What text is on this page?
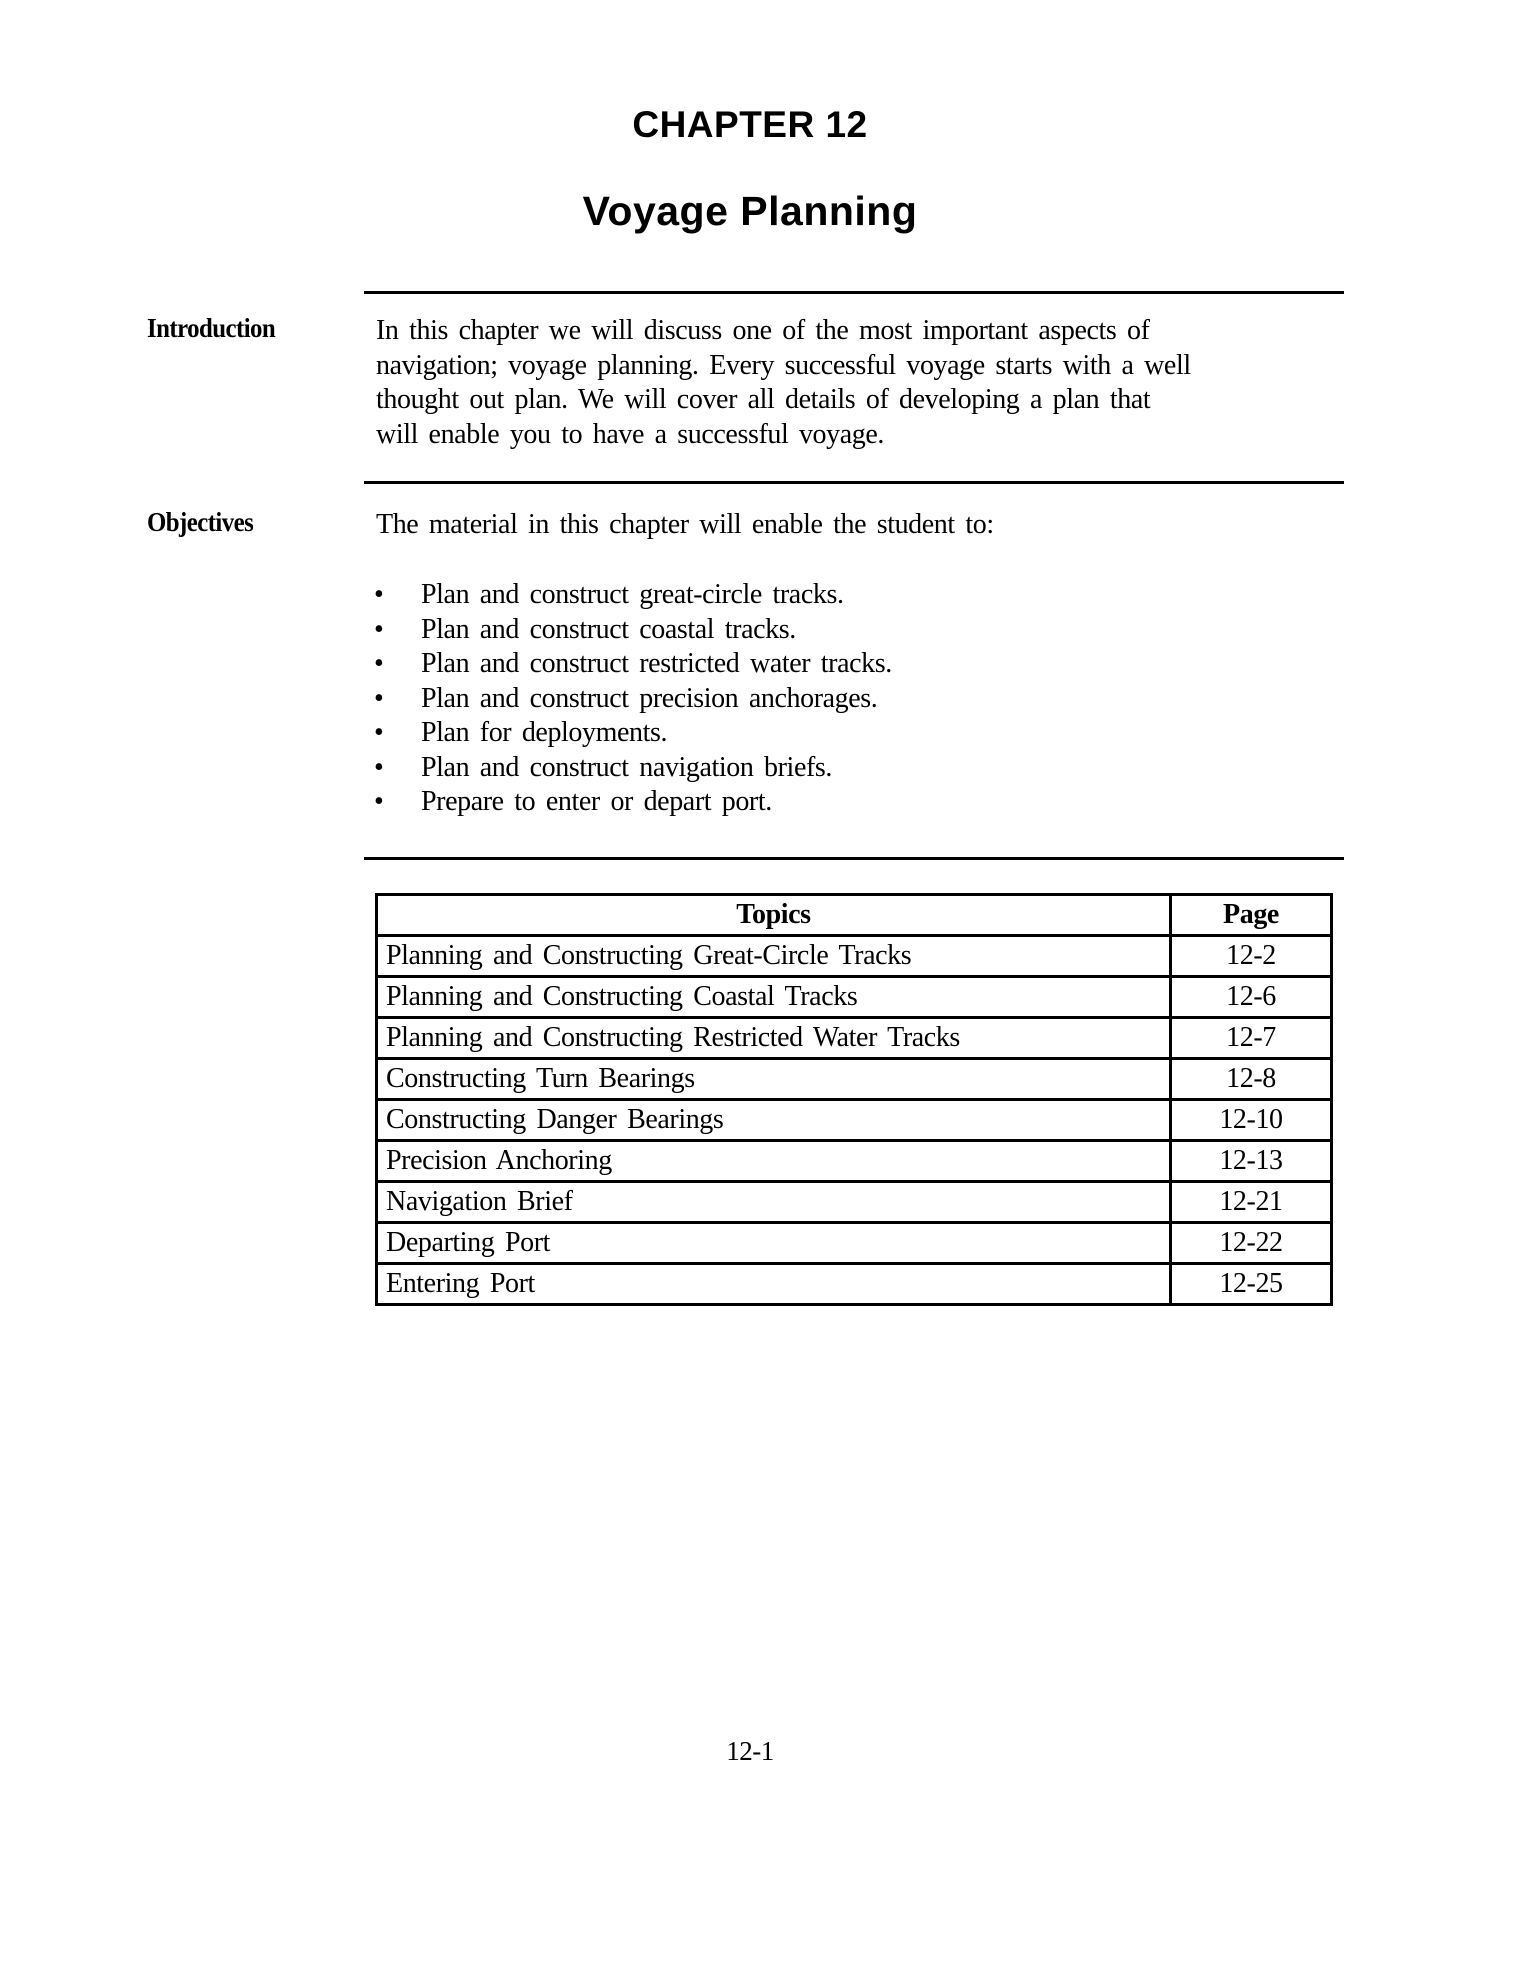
CHAPTER 12
Voyage Planning
Introduction	In this chapter we will discuss one of the most important aspects of
navigation; voyage planning. Every successful voyage starts with a well
thought out plan. We will cover all details of developing a plan that
will enable you to have a successful voyage.
Objectives	The material in this chapter will enable the student to:
• Plan and construct great-circle tracks.
• Plan and construct coastal tracks.
• Plan and construct restricted water tracks.
• Plan and construct precision anchorages.
• Plan for deployments.
• Plan and construct navigation briefs.
• Prepare to enter or depart port.
Topics	Page
Planning and Constructing Great-Circle Tracks	12-2
Planning and Constructing Coastal Tracks	12-6
Planning and Constructing Restricted Water Tracks	12-7
Constructing Turn Bearings	12-8
Constructing Danger Bearings	12-10
Precision Anchoring	12-13
Navigation Brief	12-21
Departing Port	12-22
Entering Port	12-25
12-1
